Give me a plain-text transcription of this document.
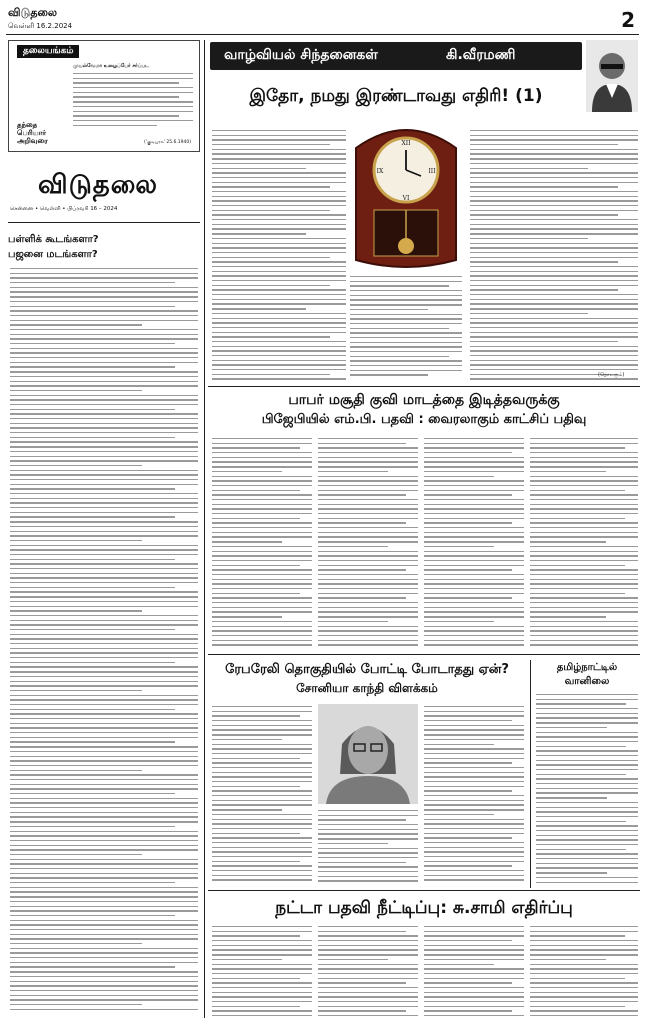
விடுதலை
வெள்ளி 16.2.2024	2
தலையங்கம்
முயல்வேமா உழைப்பேர் சர்ப்பட
தந்தை பெரியார் அறிவுரை	('குடியரசு' 25.6.1940)
விடுதலை
சென்னை • வெள்ளி • பிப்ரவரி 16 – 2024
பள்ளிக் கூடங்களா?
பஜனை மடங்களா?
வாழ்வியல் சிந்தனைகள்	கி.வீரமணி
இதோ, நமது இரண்டாவது எதிரி! (1)
XII
III
VI
IX
(தொடரும்)
பாபர் மசூதி குவி மாடத்தை இடித்தவருக்கு
பிஜேபியில் எம்.பி. பதவி : வைரலாகும் காட்சிப் பதிவு
ரேபரேலி தொகுதியில் போட்டி போடாதது ஏன்?
சோனியா காந்தி விளக்கம்
தமிழ்நாட்டில்
வானிலை
நட்டா பதவி நீட்டிப்பு: சு.சாமி எதிர்ப்பு
